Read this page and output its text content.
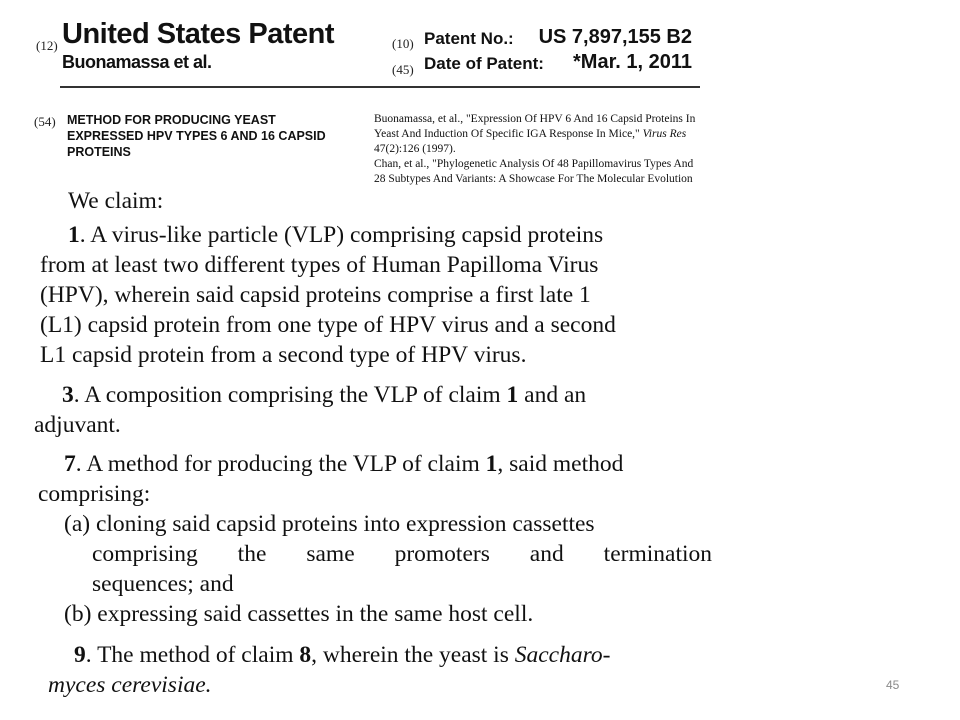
(12) United States Patent
Buonamassa et al.
(10) Patent No.:	US 7,897,155 B2
(45) Date of Patent:	*Mar. 1, 2011
(54) METHOD FOR PRODUCING YEAST
EXPRESSED HPV TYPES 6 AND 16 CAPSID
PROTEINS
Buonamassa, et al., "Expression Of HPV 6 And 16 Capsid Proteins In Yeast And Induction Of Specific IGA Response In Mice," Virus Res 47(2):126 (1997).
Chan, et al., "Phylogenetic Analysis Of 48 Papillomavirus Types And 28 Subtypes And Variants: A Showcase For The Molecular Evolution
We claim:
1. A virus-like particle (VLP) comprising capsid proteins
from at least two different types of Human Papilloma Virus
(HPV), wherein said capsid proteins comprise a first late 1
(L1) capsid protein from one type of HPV virus and a second
L1 capsid protein from a second type of HPV virus.
3. A composition comprising the VLP of claim 1 and an
adjuvant.
7. A method for producing the VLP of claim 1, said method
comprising:
(a) cloning said capsid proteins into expression cassettes
comprising the same promoters and termination
sequences; and
(b) expressing said cassettes in the same host cell.
9. The method of claim 8, wherein the yeast is Saccharo-
myces cerevisiae.	45
